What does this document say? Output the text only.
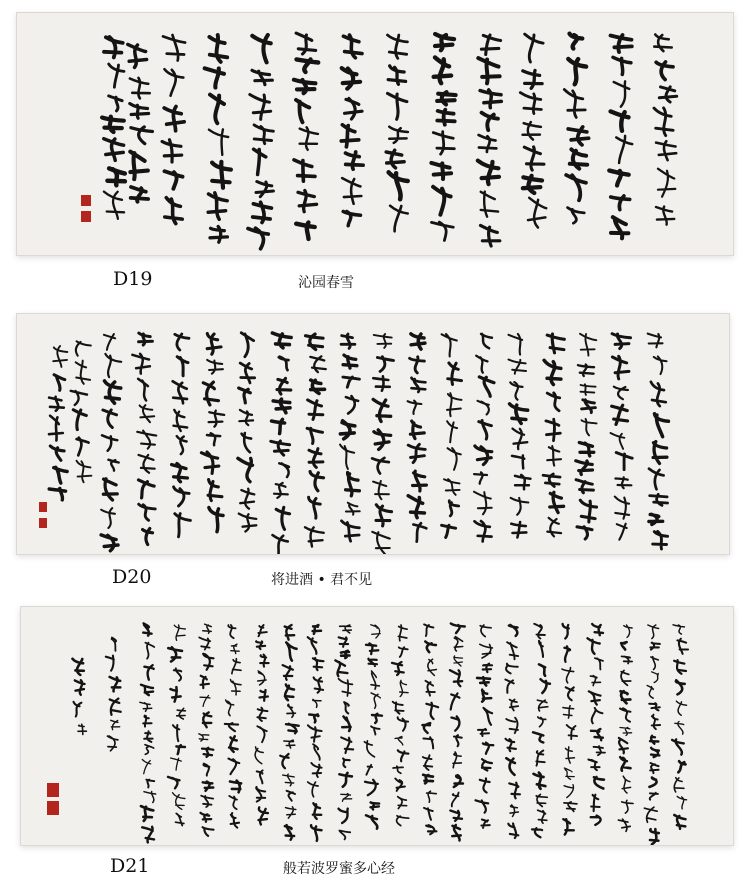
D19	沁园春雪
D20	将进酒 • 君不见
D21	般若波罗蜜多心经
